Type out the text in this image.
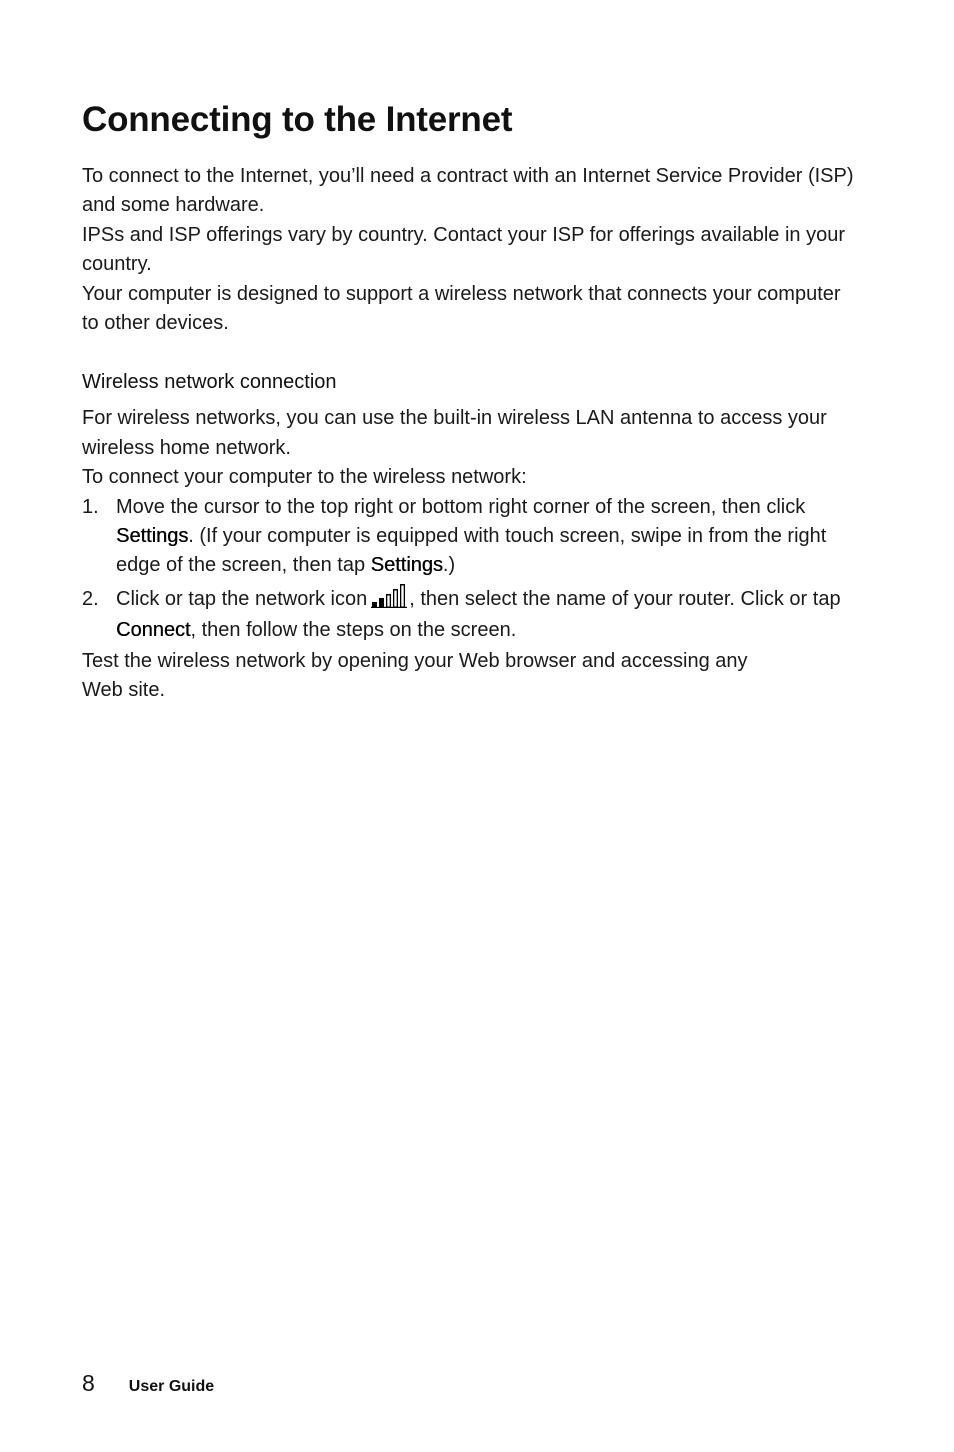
Connecting to the Internet

To connect to the Internet, you’ll need a contract with an Internet Service Provider (ISP) and some hardware.

IPSs and ISP offerings vary by country. Contact your ISP for offerings available in your country.

Your computer is designed to support a wireless network that connects your computer to other devices.

Wireless network connection

For wireless networks, you can use the built-in wireless LAN antenna to access your wireless home network.

To connect your computer to the wireless network:

1. Move the cursor to the top right or bottom right corner of the screen, then click Settings. (If your computer is equipped with touch screen, swipe in from the right edge of the screen, then tap Settings.)
2. Click or tap the network icon , then select the name of your router. Click or tap Connect, then follow the steps on the screen.

Test the wireless network by opening your Web browser and accessing any
Web site.

8 User Guide
